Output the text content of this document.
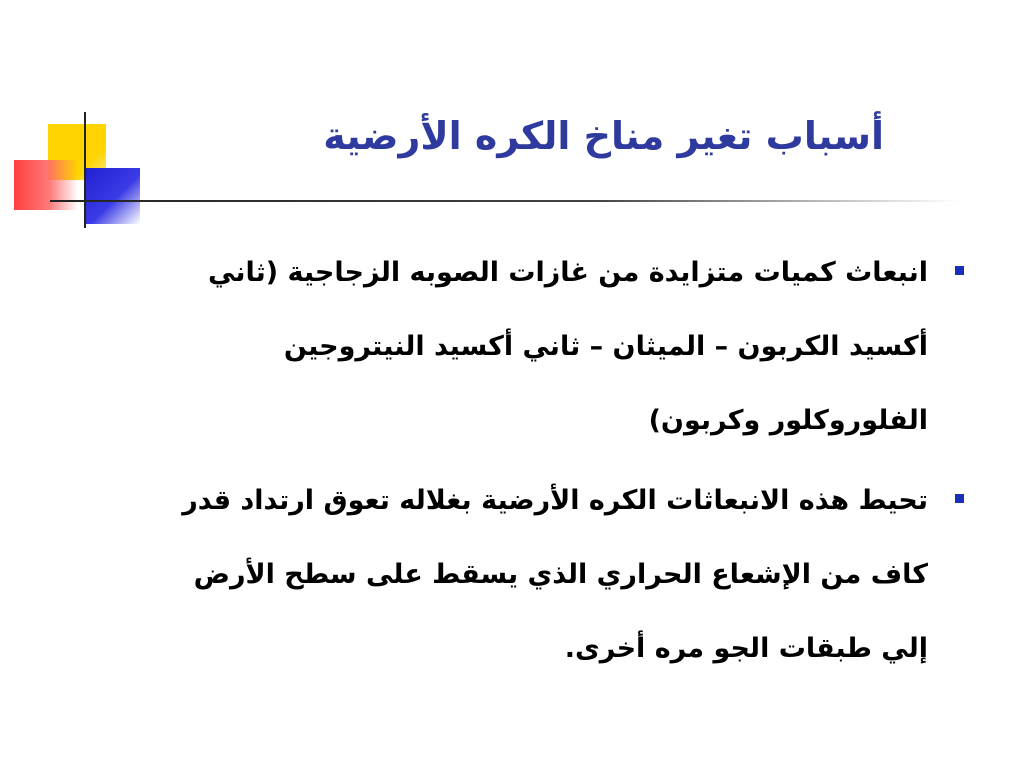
أسباب تغير مناخ الكره الأرضية
انبعاث كميات متزايدة من غازات الصوبه الزجاجية (ثاني
أكسيد الكربون – الميثان – ثاني أكسيد النيتروجين
الفلوروكلور وكربون)
تحيط هذه الانبعاثات الكره الأرضية بغلاله تعوق ارتداد قدر
كاف من الإشعاع الحراري الذي يسقط على سطح الأرض
إلي طبقات الجو مره أخرى.
